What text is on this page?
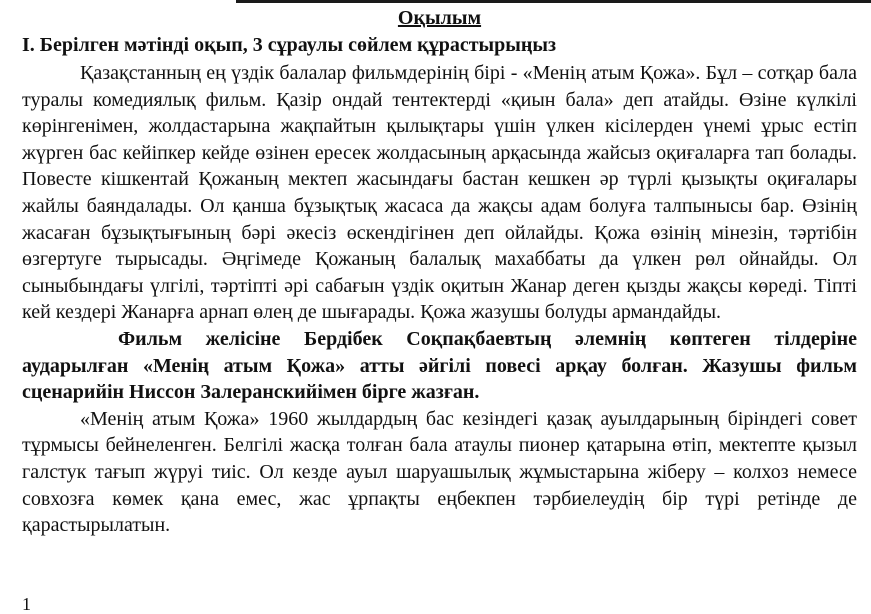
Оқылым

I. Берілген мәтінді оқып, 3 сұраулы сөйлем құрастырыңыз

Қазақстанның ең үздік балалар фильмдерінің бірі - «Менің атым Қожа». Бұл – сотқар бала туралы комедиялық фильм. Қазір ондай тентектерді «қиын бала» деп атайды. Өзіне күлкілі көрінгенімен, жолдастарына жақпайтын қылықтары үшін үлкен кісілерден үнемі ұрыс естіп жүрген бас кейіпкер кейде өзінен ересек жолдасының арқасында жайсыз оқиғаларға тап болады. Повесте кішкентай Қожаның мектеп жасындағы бастан кешкен әр түрлі қызықты оқиғалары жайлы баяндалады. Ол қанша бұзықтық жасаса да жақсы адам болуға талпынысы бар. Өзінің жасаған бұзықтығының бәрі әкесіз өскендігінен деп ойлайды. Қожа өзінің мінезін, тәртібін өзгертуге тырысады. Әңгімеде Қожаның балалық махаббаты да үлкен рөл ойнайды. Ол сыныбындағы үлгілі, тәртіпті әрі сабағын үздік оқитын Жанар деген қызды жақсы көреді. Тіпті кей кездері Жанарға арнап өлең де шығарады. Қожа жазушы болуды армандайды.

Фильм желісіне Бердібек Соқпақбаевтың әлемнің көптеген тілдеріне аударылған «Менің атым Қожа» атты әйгілі повесі арқау болған. Жазушы фильм сценарийін Ниссон Залеранскийімен бірге жазған.

«Менің атым Қожа» 1960 жылдардың бас кезіндегі қазақ ауылдарының біріндегі совет тұрмысы бейнеленген. Белгілі жасқа толған бала атаулы пионер қатарына өтіп, мектепте қызыл галстук тағып жүруі тиіс. Ол кезде ауыл шаруашылық жұмыстарына жіберу – колхоз немесе совхозға көмек қана емес, жас ұрпақты еңбекпен тәрбиелеудің бір түрі ретінде де қарастырылатын.

1
